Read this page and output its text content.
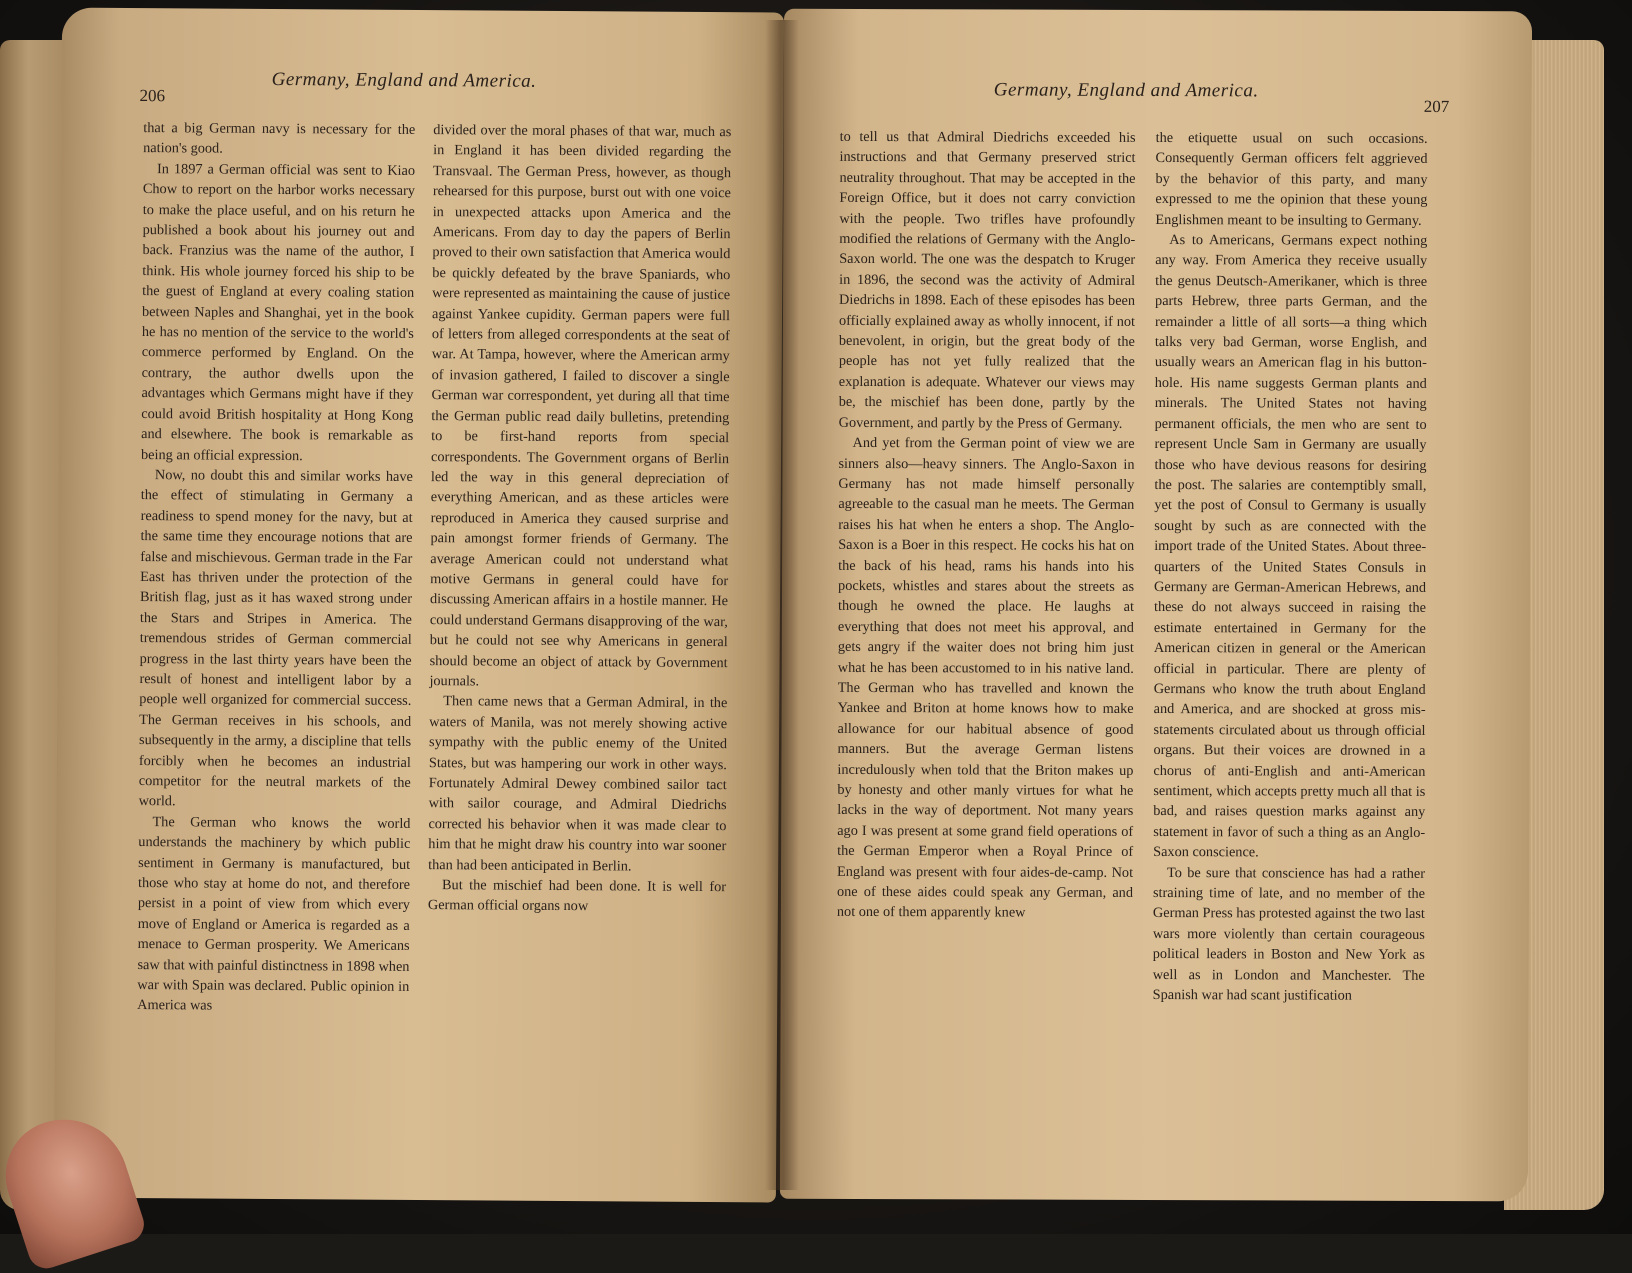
206
Germany, England and America.

that a big German navy is necessary for the nation's good.

In 1897 a German official was sent to Kiao Chow to report on the harbor works necessary to make the place useful, and on his return he published a book about his journey out and back. Franzius was the name of the author, I think. His whole journey forced his ship to be the guest of England at every coaling station between Naples and Shanghai, yet in the book he has no mention of the service to the world's commerce performed by England. On the contrary, the author dwells upon the advantages which Germans might have if they could avoid British hospitality at Hong Kong and elsewhere. The book is remarkable as being an official expression.

Now, no doubt this and similar works have the effect of stimulating in Germany a readiness to spend money for the navy, but at the same time they encourage notions that are false and mischievous. German trade in the Far East has thriven under the protection of the British flag, just as it has waxed strong under the Stars and Stripes in America. The tremendous strides of German commercial progress in the last thirty years have been the result of honest and intelligent labor by a people well organized for commercial success. The German receives in his schools, and subsequently in the army, a discipline that tells forcibly when he becomes an industrial competitor for the neutral markets of the world.

The German who knows the world understands the machinery by which public sentiment in Germany is manufactured, but those who stay at home do not, and therefore persist in a point of view from which every move of England or America is regarded as a menace to German prosperity. We Americans saw that with painful distinctness in 1898 when war with Spain was declared. Public opinion in America was

divided over the moral phases of that war, much as in England it has been divided regarding the Transvaal. The German Press, however, as though rehearsed for this purpose, burst out with one voice in unexpected attacks upon America and the Americans. From day to day the papers of Berlin proved to their own satisfaction that America would be quickly defeated by the brave Spaniards, who were represented as maintaining the cause of justice against Yankee cupidity. German papers were full of letters from alleged correspondents at the seat of war. At Tampa, however, where the American army of invasion gathered, I failed to discover a single German war correspondent, yet during all that time the German public read daily bulletins, pretending to be first-hand reports from special correspondents. The Government organs of Berlin led the way in this general depreciation of everything American, and as these articles were reproduced in America they caused surprise and pain amongst former friends of Germany. The average American could not understand what motive Germans in general could have for discussing American affairs in a hostile manner. He could understand Germans disapproving of the war, but he could not see why Americans in general should become an object of attack by Government journals.

Then came news that a German Admiral, in the waters of Manila, was not merely showing active sympathy with the public enemy of the United States, but was hampering our work in other ways. Fortunately Admiral Dewey combined sailor tact with sailor courage, and Admiral Diedrichs corrected his behavior when it was made clear to him that he might draw his country into war sooner than had been anticipated in Berlin.

But the mischief had been done. It is well for German official organs now

Germany, England and America.
207

to tell us that Admiral Diedrichs exceeded his instructions and that Germany preserved strict neutrality throughout. That may be accepted in the Foreign Office, but it does not carry conviction with the people. Two trifles have profoundly modified the relations of Germany with the Anglo-Saxon world. The one was the despatch to Kruger in 1896, the second was the activity of Admiral Diedrichs in 1898. Each of these episodes has been officially explained away as wholly innocent, if not benevolent, in origin, but the great body of the people has not yet fully realized that the explanation is adequate. Whatever our views may be, the mischief has been done, partly by the Government, and partly by the Press of Germany.

And yet from the German point of view we are sinners also—heavy sinners. The Anglo-Saxon in Germany has not made himself personally agreeable to the casual man he meets. The German raises his hat when he enters a shop. The Anglo-Saxon is a Boer in this respect. He cocks his hat on the back of his head, rams his hands into his pockets, whistles and stares about the streets as though he owned the place. He laughs at everything that does not meet his approval, and gets angry if the waiter does not bring him just what he has been accustomed to in his native land. The German who has travelled and known the Yankee and Briton at home knows how to make allowance for our habitual absence of good manners. But the average German listens incredulously when told that the Briton makes up by honesty and other manly virtues for what he lacks in the way of deportment. Not many years ago I was present at some grand field operations of the German Emperor when a Royal Prince of England was present with four aides-de-camp. Not one of these aides could speak any German, and not one of them apparently knew

the etiquette usual on such occasions. Consequently German officers felt aggrieved by the behavior of this party, and many expressed to me the opinion that these young Englishmen meant to be insulting to Germany.

As to Americans, Germans expect nothing any way. From America they receive usually the genus Deutsch-Amerikaner, which is three parts Hebrew, three parts German, and the remainder a little of all sorts—a thing which talks very bad German, worse English, and usually wears an American flag in his button-hole. His name suggests German plants and minerals. The United States not having permanent officials, the men who are sent to represent Uncle Sam in Germany are usually those who have devious reasons for desiring the post. The salaries are contemptibly small, yet the post of Consul to Germany is usually sought by such as are connected with the import trade of the United States. About three-quarters of the United States Consuls in Germany are German-American Hebrews, and these do not always succeed in raising the estimate entertained in Germany for the American citizen in general or the American official in particular. There are plenty of Germans who know the truth about England and America, and are shocked at gross mis-statements circulated about us through official organs. But their voices are drowned in a chorus of anti-English and anti-American sentiment, which accepts pretty much all that is bad, and raises question marks against any statement in favor of such a thing as an Anglo-Saxon conscience.

To be sure that conscience has had a rather straining time of late, and no member of the German Press has protested against the two last wars more violently than certain courageous political leaders in Boston and New York as well as in London and Manchester. The Spanish war had scant justification
